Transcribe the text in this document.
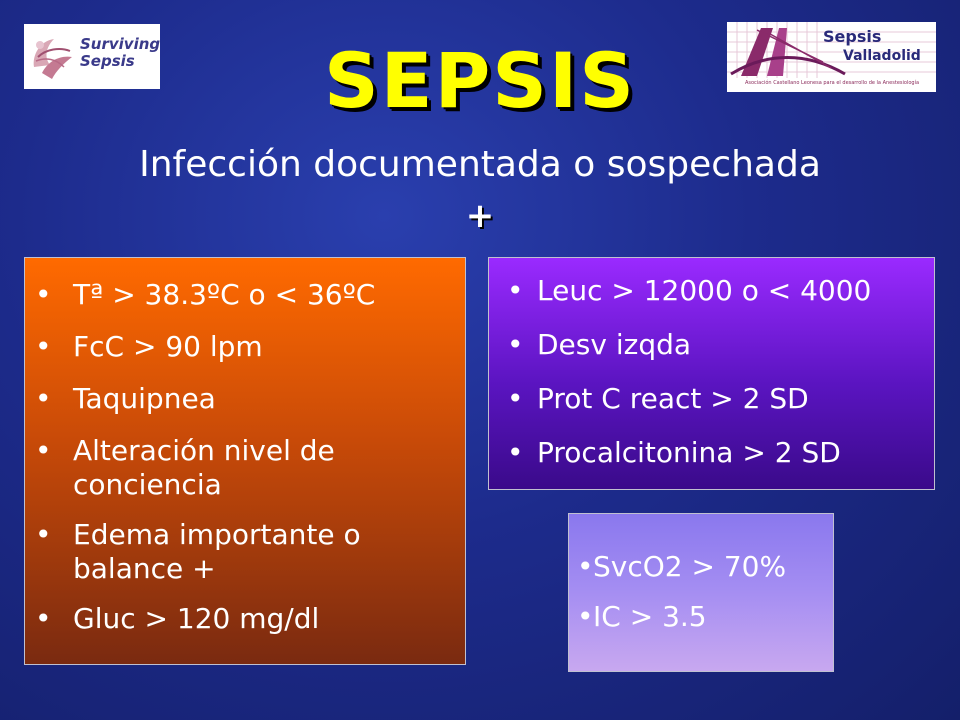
Surviving
Sepsis
Sepsis
Valladolid
Asociación Castellano Leonesa para el desarrollo de la Anestesiología
SEPSIS
Infección documentada o sospechada
+
• Tª > 38.3ºC o < 36ºC
• FcC > 90 lpm
• Taquipnea
• Alteración nivel de conciencia
• Edema importante o balance +
• Gluc > 120 mg/dl
• Leuc > 12000 o < 4000
• Desv izqda
• Prot C react > 2 SD
• Procalcitonina > 2 SD
• SvcO2 > 70%
• IC > 3.5
